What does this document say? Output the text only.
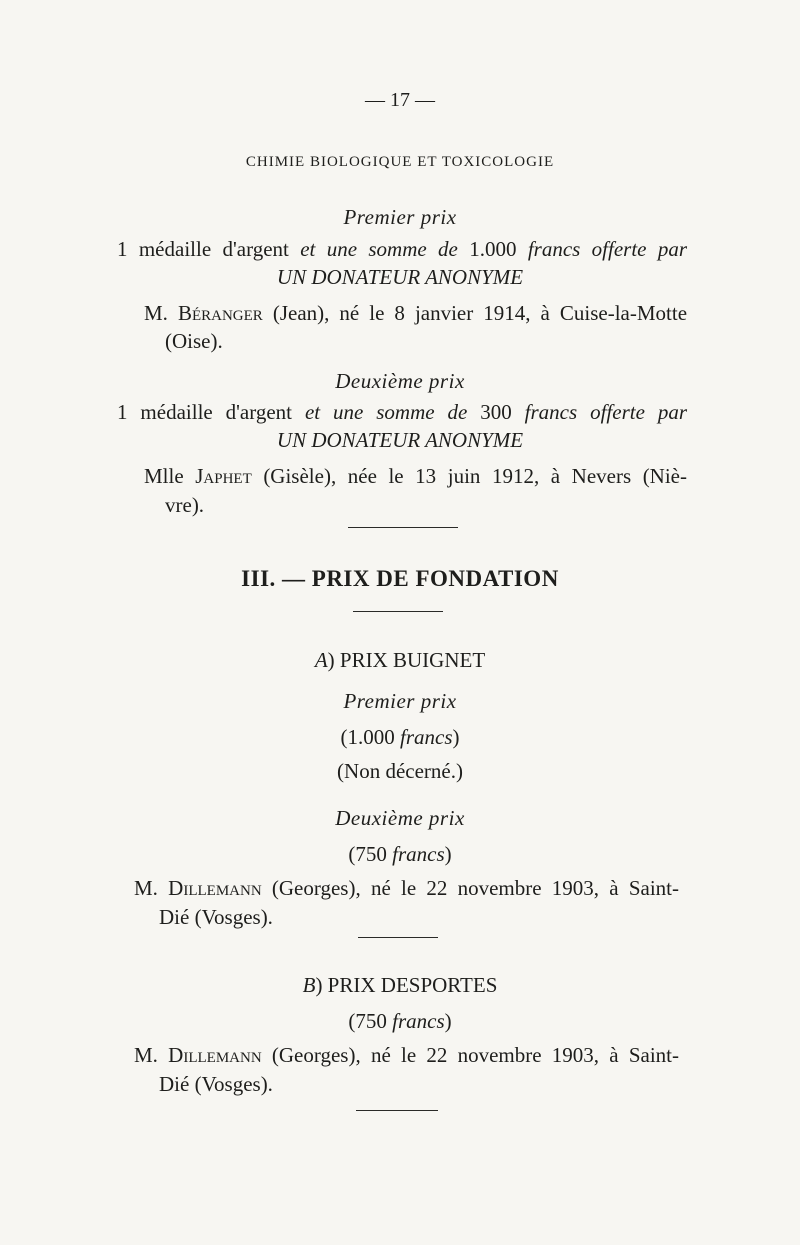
— 17 —
CHIMIE BIOLOGIQUE ET TOXICOLOGIE
Premier prix
1 médaille d'argent et une somme de 1.000 francs offerte par
UN DONATEUR ANONYME
M. Béranger (Jean), né le 8 janvier 1914, à Cuise-la-Motte
(Oise).
Deuxième prix
1 médaille d'argent et une somme de 300 francs offerte par
UN DONATEUR ANONYME
Mlle Japhet (Gisèle), née le 13 juin 1912, à Nevers (Niè-
vre).
III. — PRIX DE FONDATION
A) PRIX BUIGNET
Premier prix
(1.000 francs)
(Non décerné.)
Deuxième prix
(750 francs)
M. Dillemann (Georges), né le 22 novembre 1903, à Saint-
Dié (Vosges).
B) PRIX DESPORTES
(750 francs)
M. Dillemann (Georges), né le 22 novembre 1903, à Saint-
Dié (Vosges).
